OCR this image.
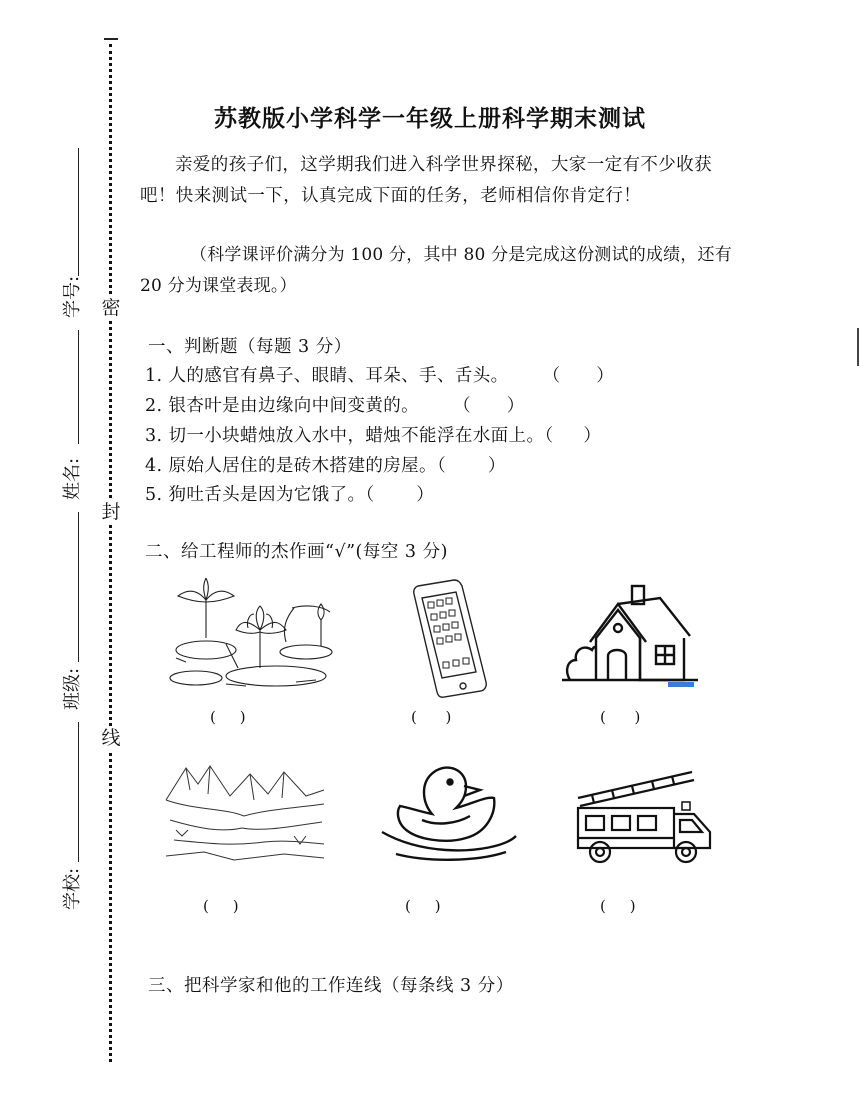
密
封
线
学号:
姓名:
班级:
学校:
苏教版小学科学一年级上册科学期末测试
亲爱的孩子们，这学期我们进入科学世界探秘，大家一定有不少收获吧！快来测试一下，认真完成下面的任务，老师相信你肯定行！
（科学课评价满分为 100 分，其中 80 分是完成这份测试的成绩，还有 20 分为课堂表现。）
一、判断题（每题 3 分）
1. 人的感官有鼻子、眼睛、耳朵、手、舌头。 （      ）
2. 银杏叶是由边缘向中间变黄的。 （      ）
3. 切一小块蜡烛放入水中，蜡烛不能浮在水面上。（     ）
4. 原始人居住的是砖木搭建的房屋。（       ）
5. 狗吐舌头是因为它饿了。（       ）
二、给工程师的杰作画“√”(每空 3 分)
(     )	(      )	(      )
(     )	(     )	(     )
三、把科学家和他的工作连线（每条线 3 分）
